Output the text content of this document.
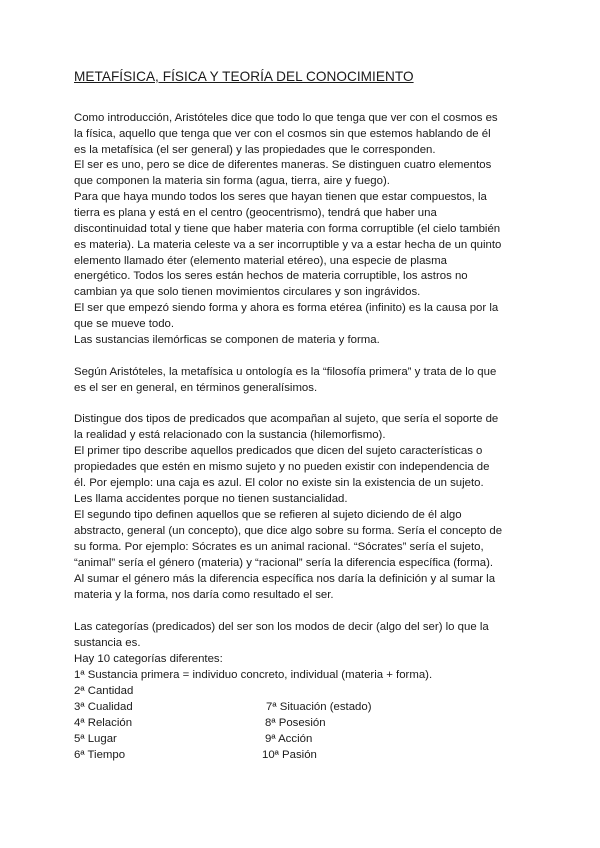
METAFÍSICA, FÍSICA Y TEORÍA DEL CONOCIMIENTO
Como introducción, Aristóteles dice que todo lo que tenga que ver con el cosmos es
la física, aquello que tenga que ver con el cosmos sin que estemos hablando de él
es la metafísica (el ser general) y las propiedades que le corresponden.
El ser es uno, pero se dice de diferentes maneras. Se distinguen cuatro elementos
que componen la materia sin forma (agua, tierra, aire y fuego).
Para que haya mundo todos los seres que hayan tienen que estar compuestos, la
tierra es plana y está en el centro (geocentrismo), tendrá que haber una
discontinuidad total y tiene que haber materia con forma corruptible (el cielo también
es materia). La materia celeste va a ser incorruptible y va a estar hecha de un quinto
elemento llamado éter (elemento material etéreo), una especie de plasma
energético. Todos los seres están hechos de materia corruptible, los astros no
cambian ya que solo tienen movimientos circulares y son ingrávidos.
El ser que empezó siendo forma y ahora es forma etérea (infinito) es la causa por la
que se mueve todo.
Las sustancias ilemórficas se componen de materia y forma.
Según Aristóteles, la metafísica u ontología es la “filosofía primera” y trata de lo que
es el ser en general, en términos generalísimos.
Distingue dos tipos de predicados que acompañan al sujeto, que sería el soporte de
la realidad y está relacionado con la sustancia (hilemorfismo).
El primer tipo describe aquellos predicados que dicen del sujeto características o
propiedades que estén en mismo sujeto y no pueden existir con independencia de
él. Por ejemplo: una caja es azul. El color no existe sin la existencia de un sujeto.
Les llama accidentes porque no tienen sustancialidad.
El segundo tipo definen aquellos que se refieren al sujeto diciendo de él algo
abstracto, general (un concepto), que dice algo sobre su forma. Sería el concepto de
su forma. Por ejemplo: Sócrates es un animal racional. “Sócrates” sería el sujeto,
“animal” sería el género (materia) y “racional” sería la diferencia específica (forma).
Al sumar el género más la diferencia específica nos daría la definición y al sumar la
materia y la forma, nos daría como resultado el ser.
Las categorías (predicados) del ser son los modos de decir (algo del ser) lo que la
sustancia es.
Hay 10 categorías diferentes:
1ª Sustancia primera = individuo concreto, individual (materia + forma).
2ª Cantidad
3ª Cualidad
4ª Relación
5ª Lugar
6ª Tiempo
7ª Situación (estado)
8ª Posesión
9ª Acción
10ª Pasión
